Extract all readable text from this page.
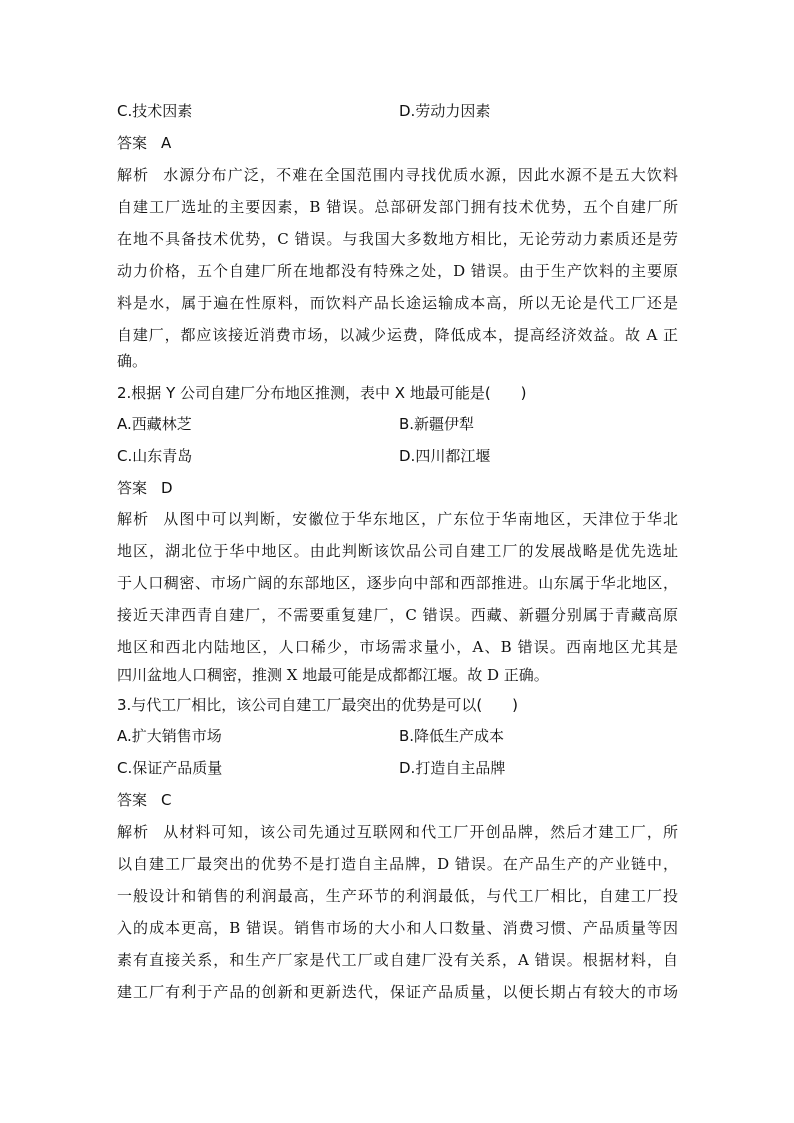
C.技术因素	D.劳动力因素
答案 A
解析 水源分布广泛，不难在全国范围内寻找优质水源，因此水源不是五大饮料
自建工厂选址的主要因素，B 错误。总部研发部门拥有技术优势，五个自建厂所
在地不具备技术优势，C 错误。与我国大多数地方相比，无论劳动力素质还是劳
动力价格，五个自建厂所在地都没有特殊之处，D 错误。由于生产饮料的主要原
料是水，属于遍在性原料，而饮料产品长途运输成本高，所以无论是代工厂还是
自建厂，都应该接近消费市场，以减少运费，降低成本，提高经济效益。故 A 正
确。
2.根据 Y 公司自建厂分布地区推测，表中 X 地最可能是(　　)
A.西藏林芝	B.新疆伊犁
C.山东青岛	D.四川都江堰
答案 D
解析 从图中可以判断，安徽位于华东地区，广东位于华南地区，天津位于华北
地区，湖北位于华中地区。由此判断该饮品公司自建工厂的发展战略是优先选址
于人口稠密、市场广阔的东部地区，逐步向中部和西部推进。山东属于华北地区，
接近天津西青自建厂，不需要重复建厂，C 错误。西藏、新疆分别属于青藏高原
地区和西北内陆地区，人口稀少，市场需求量小，A、B 错误。西南地区尤其是
四川盆地人口稠密，推测 X 地最可能是成都都江堰。故 D 正确。
3.与代工厂相比，该公司自建工厂最突出的优势是可以(　　)
A.扩大销售市场	B.降低生产成本
C.保证产品质量	D.打造自主品牌
答案 C
解析 从材料可知，该公司先通过互联网和代工厂开创品牌，然后才建工厂，所
以自建工厂最突出的优势不是打造自主品牌，D 错误。在产品生产的产业链中，
一般设计和销售的利润最高，生产环节的利润最低，与代工厂相比，自建工厂投
入的成本更高，B 错误。销售市场的大小和人口数量、消费习惯、产品质量等因
素有直接关系，和生产厂家是代工厂或自建厂没有关系，A 错误。根据材料，自
建工厂有利于产品的创新和更新迭代，保证产品质量，以便长期占有较大的市场
